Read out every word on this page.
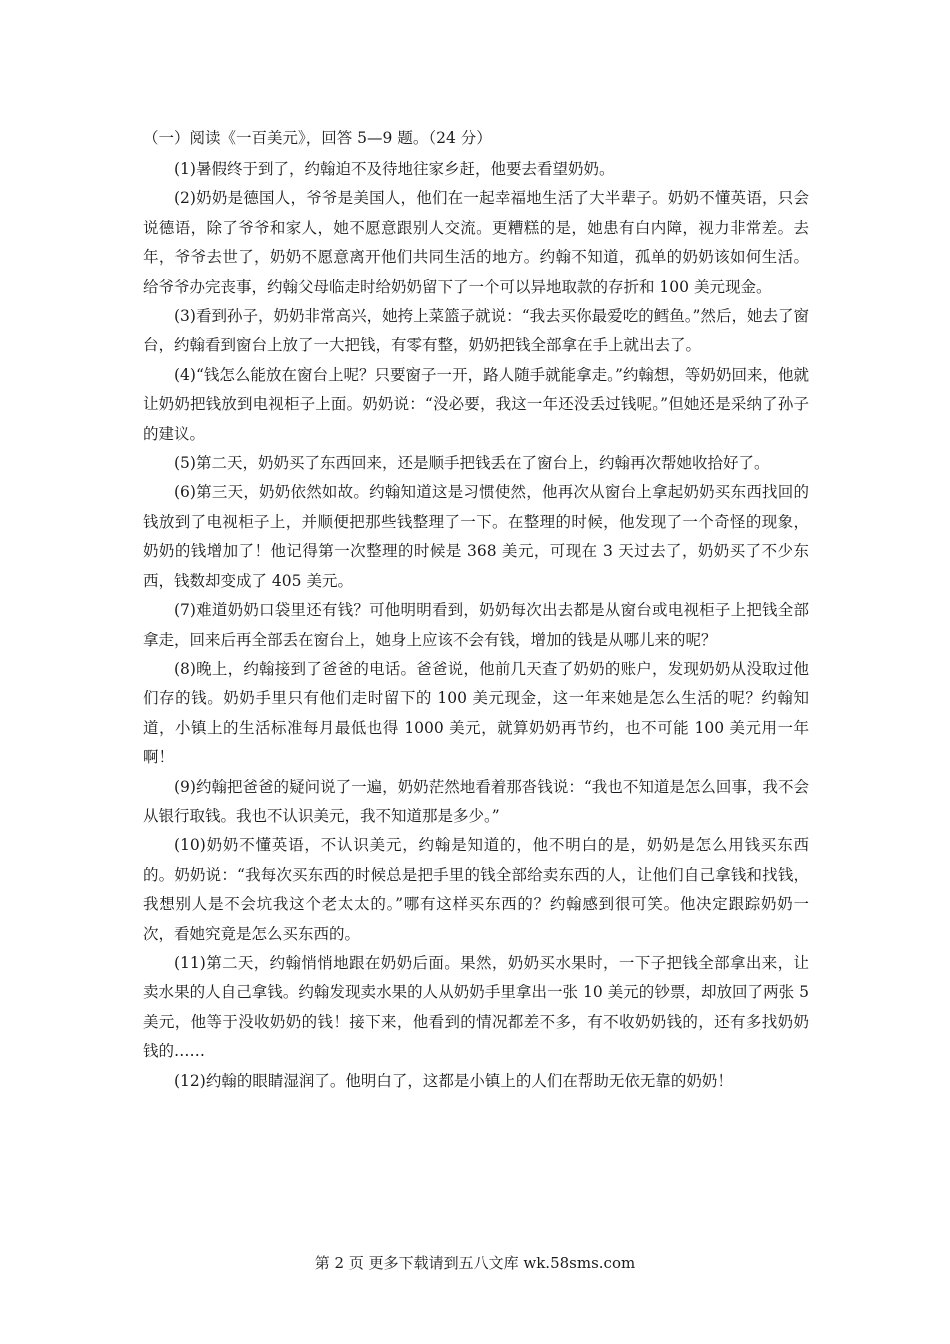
（一）阅读《一百美元》，回答 5—9 题。（24 分）

(1)暑假终于到了，约翰迫不及待地往家乡赶，他要去看望奶奶。

(2)奶奶是德国人，爷爷是美国人，他们在一起幸福地生活了大半辈子。奶奶不懂英语，只会说德语，除了爷爷和家人，她不愿意跟别人交流。更糟糕的是，她患有白内障，视力非常差。去年，爷爷去世了，奶奶不愿意离开他们共同生活的地方。约翰不知道，孤单的奶奶该如何生活。给爷爷办完丧事，约翰父母临走时给奶奶留下了一个可以异地取款的存折和 100 美元现金。

(3)看到孙子，奶奶非常高兴，她挎上菜篮子就说：“我去买你最爱吃的鳕鱼。”然后，她去了窗台，约翰看到窗台上放了一大把钱，有零有整，奶奶把钱全部拿在手上就出去了。

(4)“钱怎么能放在窗台上呢？只要窗子一开，路人随手就能拿走。”约翰想，等奶奶回来，他就让奶奶把钱放到电视柜子上面。奶奶说：“没必要，我这一年还没丢过钱呢。”但她还是采纳了孙子的建议。

(5)第二天，奶奶买了东西回来，还是顺手把钱丢在了窗台上，约翰再次帮她收拾好了。

(6)第三天，奶奶依然如故。约翰知道这是习惯使然，他再次从窗台上拿起奶奶买东西找回的钱放到了电视柜子上，并顺便把那些钱整理了一下。在整理的时候，他发现了一个奇怪的现象，奶奶的钱增加了！他记得第一次整理的时候是 368 美元，可现在 3 天过去了，奶奶买了不少东西，钱数却变成了 405 美元。

(7)难道奶奶口袋里还有钱？可他明明看到，奶奶每次出去都是从窗台或电视柜子上把钱全部拿走，回来后再全部丢在窗台上，她身上应该不会有钱，增加的钱是从哪儿来的呢？

(8)晚上，约翰接到了爸爸的电话。爸爸说，他前几天查了奶奶的账户，发现奶奶从没取过他们存的钱。奶奶手里只有他们走时留下的 100 美元现金，这一年来她是怎么生活的呢？约翰知道，小镇上的生活标准每月最低也得 1000 美元，就算奶奶再节约，也不可能 100 美元用一年啊！

(9)约翰把爸爸的疑问说了一遍，奶奶茫然地看着那沓钱说：“我也不知道是怎么回事，我不会从银行取钱。我也不认识美元，我不知道那是多少。”

(10)奶奶不懂英语，不认识美元，约翰是知道的，他不明白的是，奶奶是怎么用钱买东西的。奶奶说：“我每次买东西的时候总是把手里的钱全部给卖东西的人，让他们自己拿钱和找钱，我想别人是不会坑我这个老太太的。”哪有这样买东西的？约翰感到很可笑。他决定跟踪奶奶一次，看她究竟是怎么买东西的。

(11)第二天，约翰悄悄地跟在奶奶后面。果然，奶奶买水果时，一下子把钱全部拿出来，让卖水果的人自己拿钱。约翰发现卖水果的人从奶奶手里拿出一张 10 美元的钞票，却放回了两张 5 美元，他等于没收奶奶的钱！接下来，他看到的情况都差不多，有不收奶奶钱的，还有多找奶奶钱的……

(12)约翰的眼睛湿润了。他明白了，这都是小镇上的人们在帮助无依无靠的奶奶！

第 2 页 更多下载请到五八文库 wk.58sms.com
